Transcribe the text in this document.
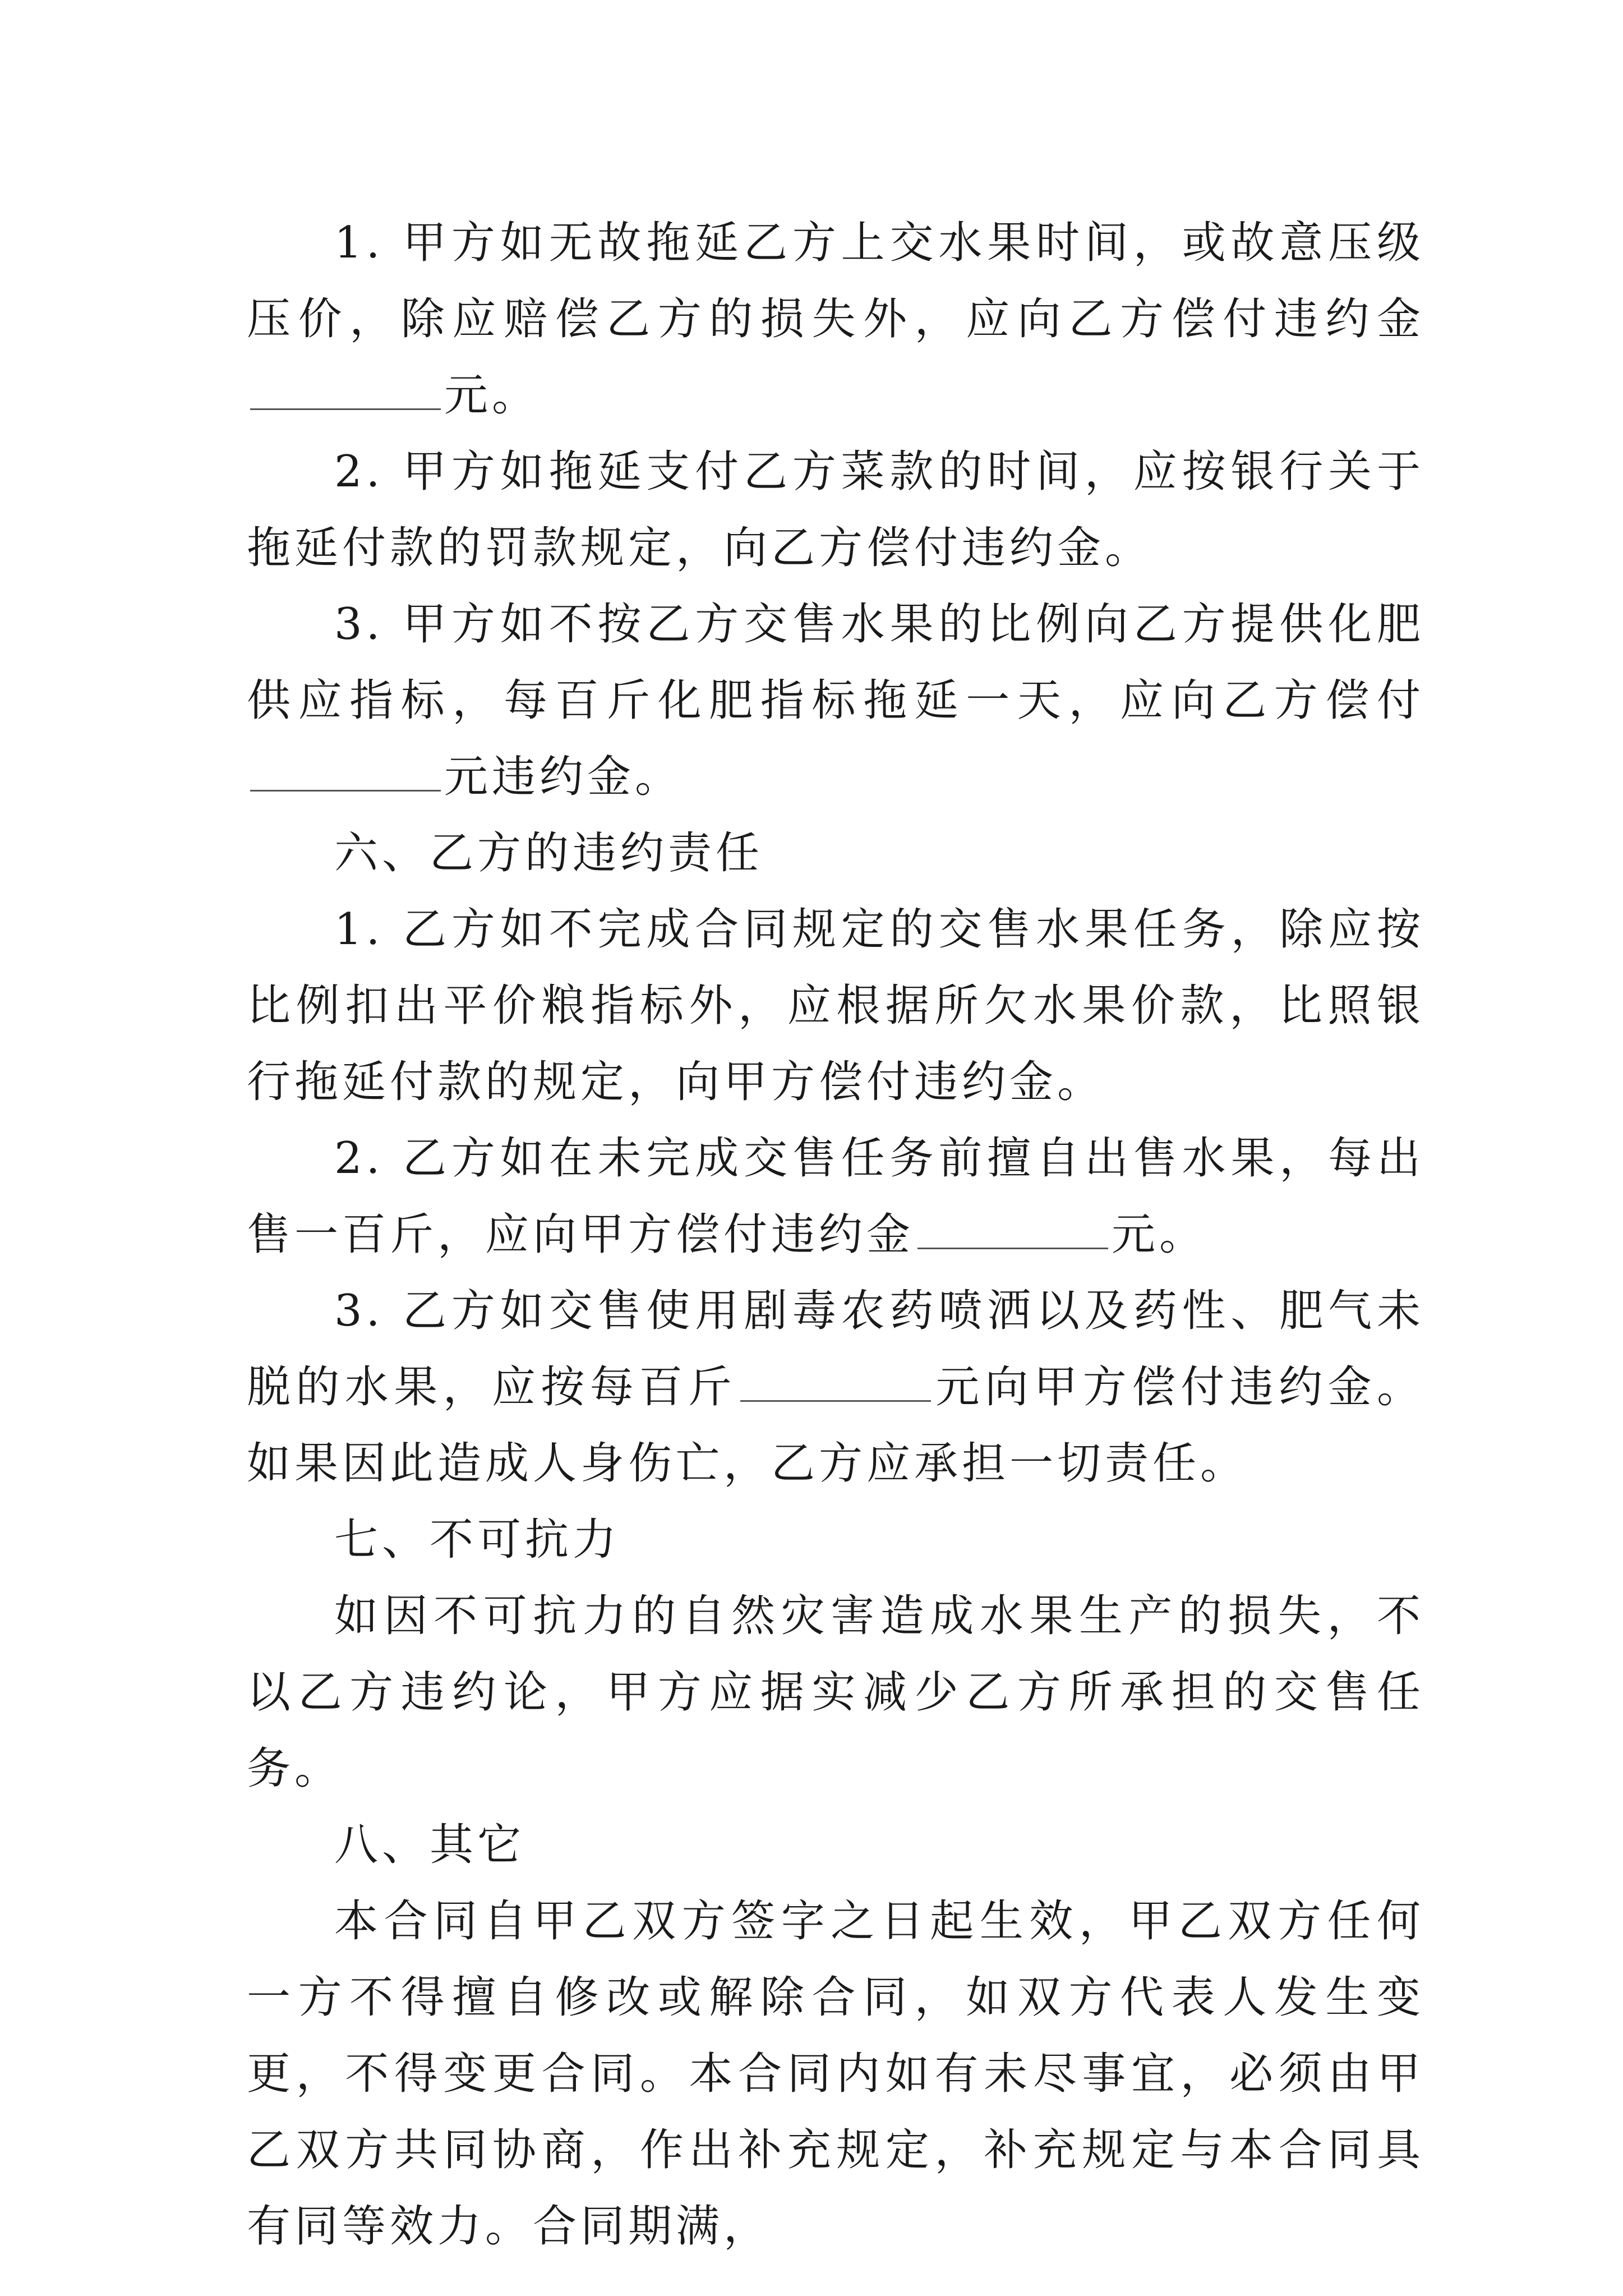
1. 甲方如无故拖延乙方上交水果时间，或故意压级压价，除应赔偿乙方的损失外，应向乙方偿付违约金元。

2. 甲方如拖延支付乙方菜款的时间，应按银行关于拖延付款的罚款规定，向乙方偿付违约金。

3. 甲方如不按乙方交售水果的比例向乙方提供化肥供应指标，每百斤化肥指标拖延一天，应向乙方偿付元违约金。

六、乙方的违约责任

1. 乙方如不完成合同规定的交售水果任务，除应按比例扣出平价粮指标外，应根据所欠水果价款，比照银行拖延付款的规定，向甲方偿付违约金。

2. 乙方如在未完成交售任务前擅自出售水果，每出售一百斤，应向甲方偿付违约金	元。

3. 乙方如交售使用剧毒农药喷洒以及药性、肥气未脱的水果，应按每百斤	元向甲方偿付违约金。如果因此造成人身伤亡，乙方应承担一切责任。

七、不可抗力

如因不可抗力的自然灾害造成水果生产的损失，不以乙方违约论，甲方应据实减少乙方所承担的交售任务。

八、其它

本合同自甲乙双方签字之日起生效，甲乙双方任何一方不得擅自修改或解除合同，如双方代表人发生变更，不得变更合同。本合同内如有未尽事宜，必须由甲乙双方共同协商，作出补充规定，补充规定与本合同具有同等效力。合同期满，
